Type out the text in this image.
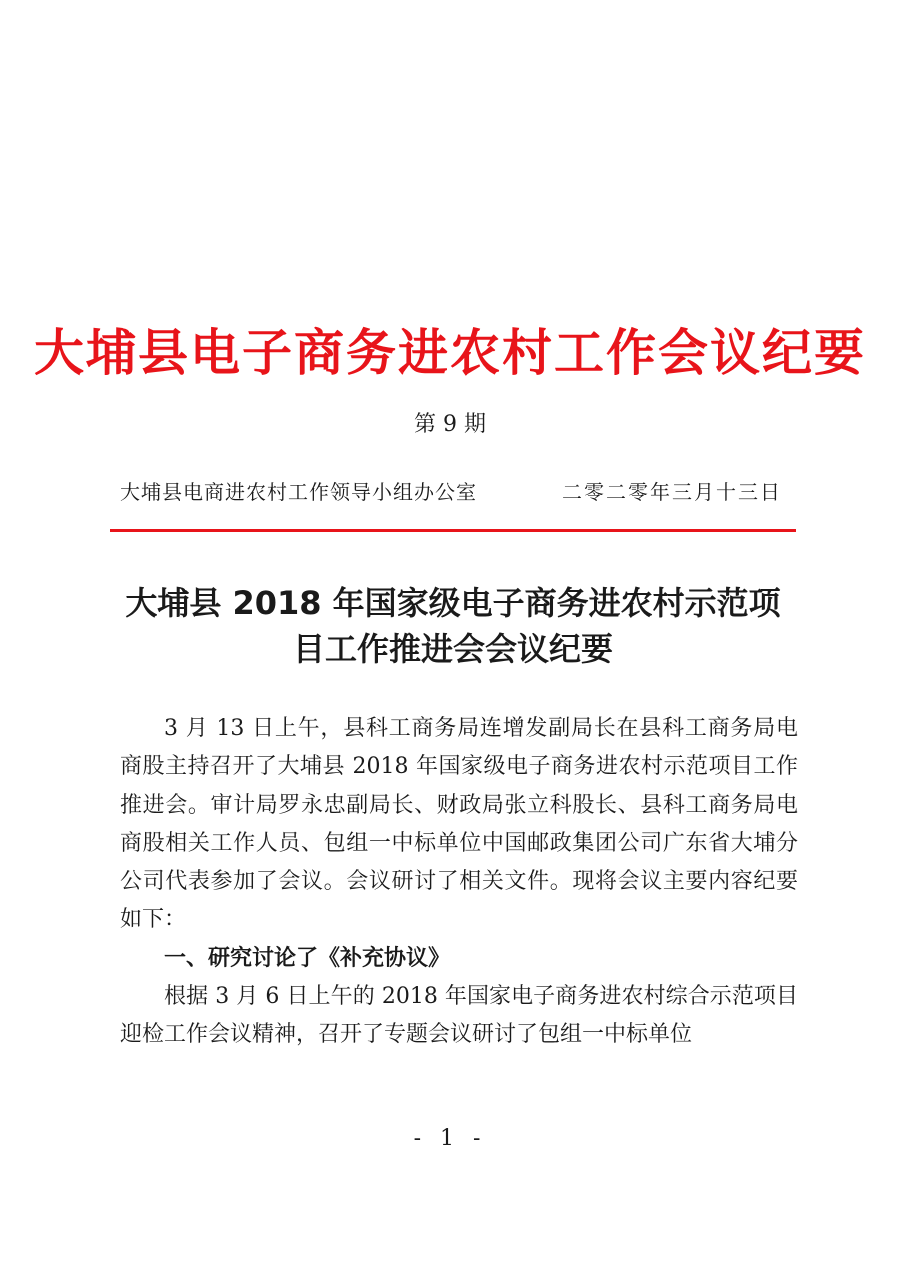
大埔县电子商务进农村工作会议纪要
第 9 期
大埔县电商进农村工作领导小组办公室	二零二零年三月十三日
大埔县 2018 年国家级电子商务进农村示范项
目工作推进会会议纪要

3 月 13 日上午，县科工商务局连增发副局长在县科工商务局电商股主持召开了大埔县 2018 年国家级电子商务进农村示范项目工作推进会。审计局罗永忠副局长、财政局张立科股长、县科工商务局电商股相关工作人员、包组一中标单位中国邮政集团公司广东省大埔分公司代表参加了会议。会议研讨了相关文件。现将会议主要内容纪要如下：

一、研究讨论了《补充协议》

根据 3 月 6 日上午的 2018 年国家电子商务进农村综合示范项目迎检工作会议精神，召开了专题会议研讨了包组一中标单位

- 1 -
